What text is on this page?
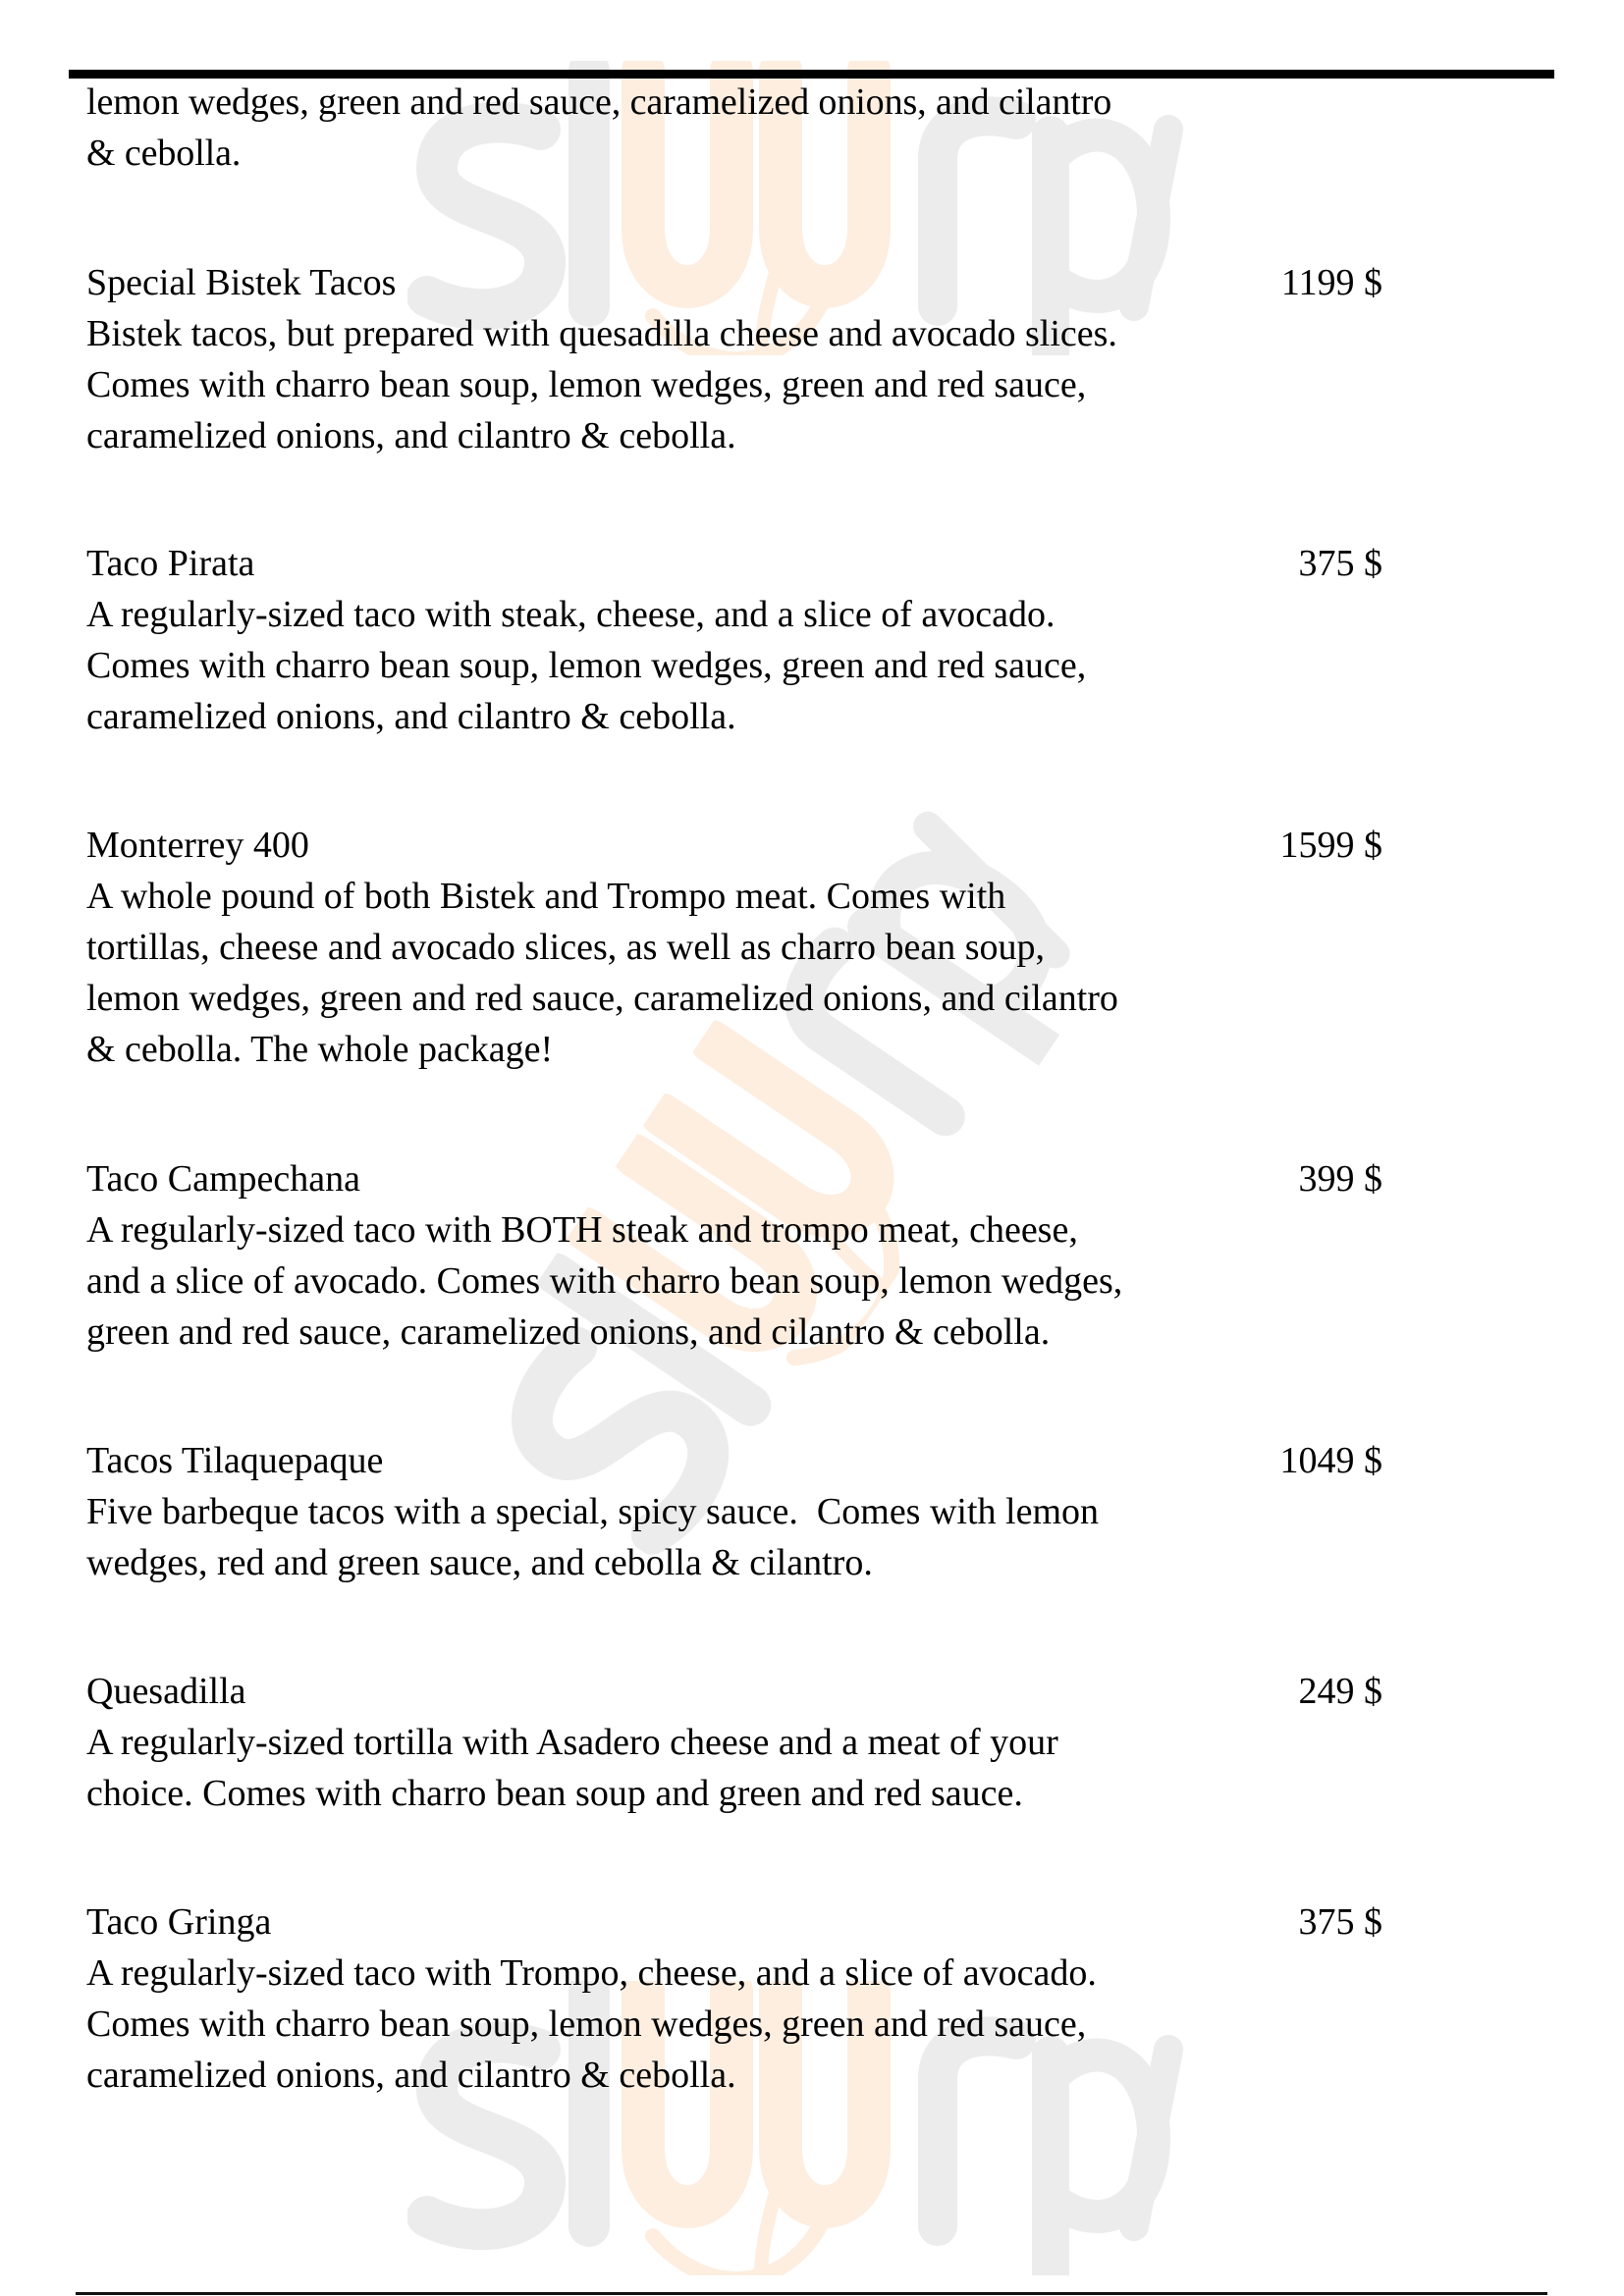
lemon wedges, green and red sauce, caramelized onions, and cilantro
& cebolla.
Special Bistek Tacos	1199 $
Bistek tacos, but prepared with quesadilla cheese and avocado slices.
Comes with charro bean soup, lemon wedges, green and red sauce,
caramelized onions, and cilantro & cebolla.
Taco Pirata	375 $
A regularly-sized taco with steak, cheese, and a slice of avocado.
Comes with charro bean soup, lemon wedges, green and red sauce,
caramelized onions, and cilantro & cebolla.
Monterrey 400	1599 $
A whole pound of both Bistek and Trompo meat. Comes with
tortillas, cheese and avocado slices, as well as charro bean soup,
lemon wedges, green and red sauce, caramelized onions, and cilantro
& cebolla. The whole package!
Taco Campechana	399 $
A regularly-sized taco with BOTH steak and trompo meat, cheese,
and a slice of avocado. Comes with charro bean soup, lemon wedges,
green and red sauce, caramelized onions, and cilantro & cebolla.
Tacos Tilaquepaque	1049 $
Five barbeque tacos with a special, spicy sauce.  Comes with lemon
wedges, red and green sauce, and cebolla & cilantro.
Quesadilla	249 $
A regularly-sized tortilla with Asadero cheese and a meat of your
choice. Comes with charro bean soup and green and red sauce.
Taco Gringa	375 $
A regularly-sized taco with Trompo, cheese, and a slice of avocado.
Comes with charro bean soup, lemon wedges, green and red sauce,
caramelized onions, and cilantro & cebolla.
